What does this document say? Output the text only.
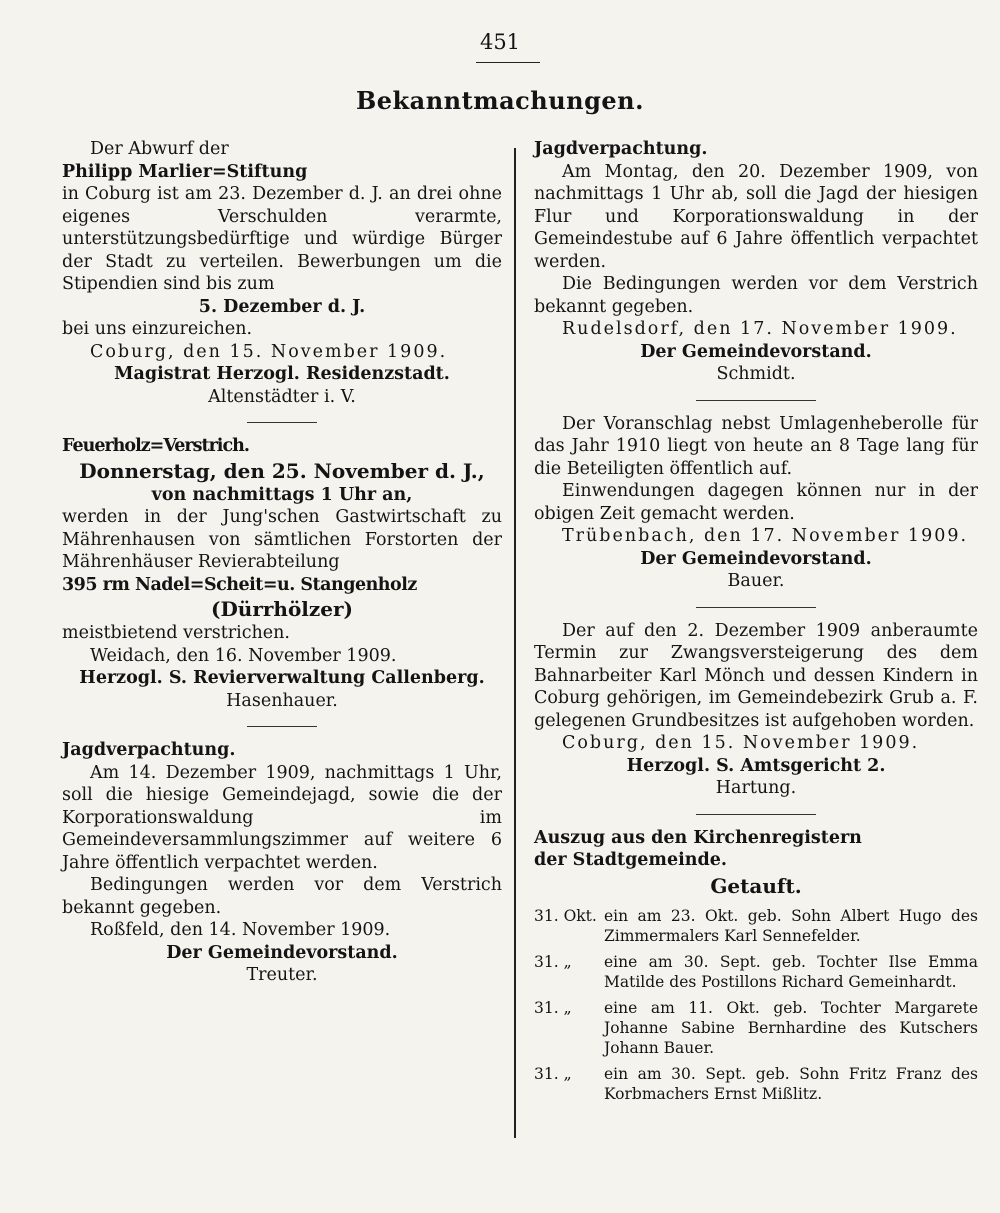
451
Bekanntmachungen.

Der Abwurf der

Philipp Marlier=Stiftung

in Coburg ist am 23. Dezember d. J. an drei ohne eigenes Verschulden verarmte, unterstützungsbedürftige und würdige Bürger der Stadt zu verteilen. Bewerbungen um die Stipendien sind bis zum

5. Dezember d. J.

bei uns einzureichen.

Coburg, den 15. November 1909.

Magistrat Herzogl. Residenzstadt.

Altenstädter i. V.

Feuerholz=Verstrich.

Donnerstag, den 25. November d. J.,

von nachmittags 1 Uhr an,

werden in der Jung'schen Gastwirtschaft zu Mährenhausen von sämtlichen Forstorten der Mährenhäuser Revierabteilung

395 rm Nadel=Scheit=u. Stangenholz

(Dürrhölzer)

meistbietend verstrichen.

Weidach, den 16. November 1909.

Herzogl. S. Revierverwaltung Callenberg.

Hasenhauer.

Jagdverpachtung.

Am 14. Dezember 1909, nachmittags 1 Uhr, soll die hiesige Gemeindejagd, sowie die der Korporationswaldung im Gemeindeversammlungszimmer auf weitere 6 Jahre öffentlich verpachtet werden.

Bedingungen werden vor dem Verstrich bekannt gegeben.

Roßfeld, den 14. November 1909.

Der Gemeindevorstand.

Treuter.

Jagdverpachtung.

Am Montag, den 20. Dezember 1909, von nachmittags 1 Uhr ab, soll die Jagd der hiesigen Flur und Korporationswaldung in der Gemeindestube auf 6 Jahre öffentlich verpachtet werden.

Die Bedingungen werden vor dem Verstrich bekannt gegeben.

Rudelsdorf, den 17. November 1909.

Der Gemeindevorstand.

Schmidt.

Der Voranschlag nebst Umlagenheberolle für das Jahr 1910 liegt von heute an 8 Tage lang für die Beteiligten öffentlich auf.

Einwendungen dagegen können nur in der obigen Zeit gemacht werden.

Trübenbach, den 17. November 1909.

Der Gemeindevorstand.

Bauer.

Der auf den 2. Dezember 1909 anberaumte Termin zur Zwangsversteigerung des dem Bahnarbeiter Karl Mönch und dessen Kindern in Coburg gehörigen, im Gemeindebezirk Grub a. F. gelegenen Grundbesitzes ist aufgehoben worden.

Coburg, den 15. November 1909.

Herzogl. S. Amtsgericht 2.

Hartung.

Auszug aus den Kirchenregistern

der Stadtgemeinde.

Getauft.

31. Okt. ein am 23. Okt. geb. Sohn Albert Hugo des Zimmermalers Karl Sennefelder.
31. „	eine am 30. Sept. geb. Tochter Ilse Emma Matilde des Postillons Richard Gemeinhardt.
31. „	eine am 11. Okt. geb. Tochter Margarete Johanne Sabine Bernhardine des Kutschers Johann Bauer.
31. „	ein am 30. Sept. geb. Sohn Fritz Franz des Korbmachers Ernst Mißlitz.
